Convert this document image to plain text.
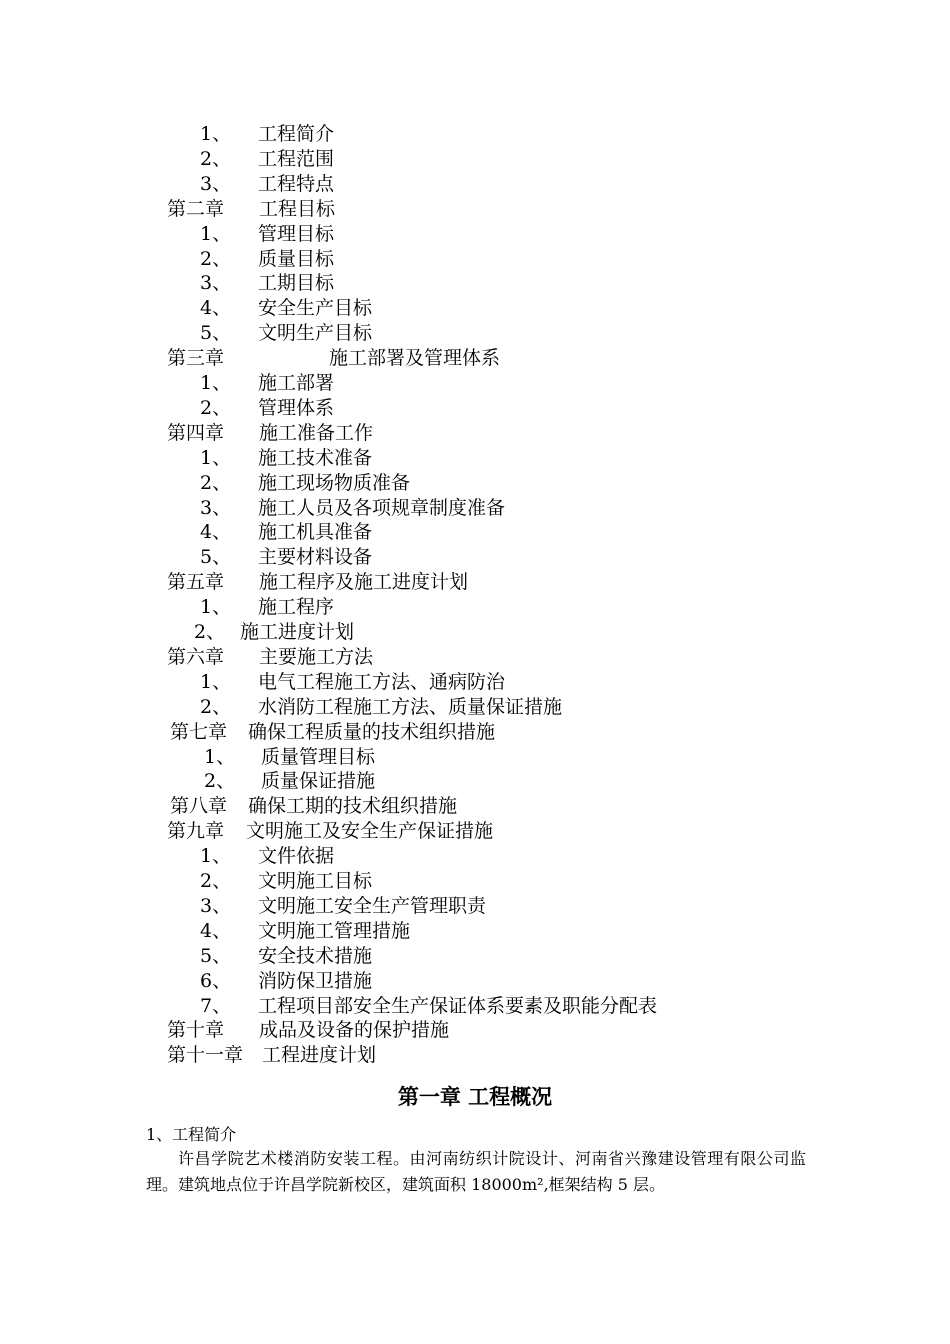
1、 工程简介
2、 工程范围
3、 工程特点
第二章 工程目标
1、 管理目标
2、 质量目标
3、 工期目标
4、 安全生产目标
5、 文明生产目标
第三章	施工部署及管理体系
1、 施工部署
2、 管理体系
第四章 施工准备工作
1、 施工技术准备
2、 施工现场物质准备
3、 施工人员及各项规章制度准备
4、 施工机具准备
5、 主要材料设备
第五章 施工程序及施工进度计划
1、 施工程序
2、 施工进度计划
第六章 主要施工方法
1、 电气工程施工方法、通病防治
2、 水消防工程施工方法、质量保证措施
第七章 确保工程质量的技术组织措施
1、 质量管理目标
2、 质量保证措施
第八章 确保工期的技术组织措施
第九章 文明施工及安全生产保证措施
1、 文件依据
2、 文明施工目标
3、 文明施工安全生产管理职责
4、 文明施工管理措施
5、 安全技术措施
6、 消防保卫措施
7、 工程项目部安全生产保证体系要素及职能分配表
第十章 成品及设备的保护措施
第十一章 工程进度计划
第一章 工程概况
1、工程简介
许昌学院艺术楼消防安装工程。由河南纺织计院设计、河南省兴豫建设管理有限公司监理。建筑地点位于许昌学院新校区，建筑面积 18000m²,框架结构 5 层。
